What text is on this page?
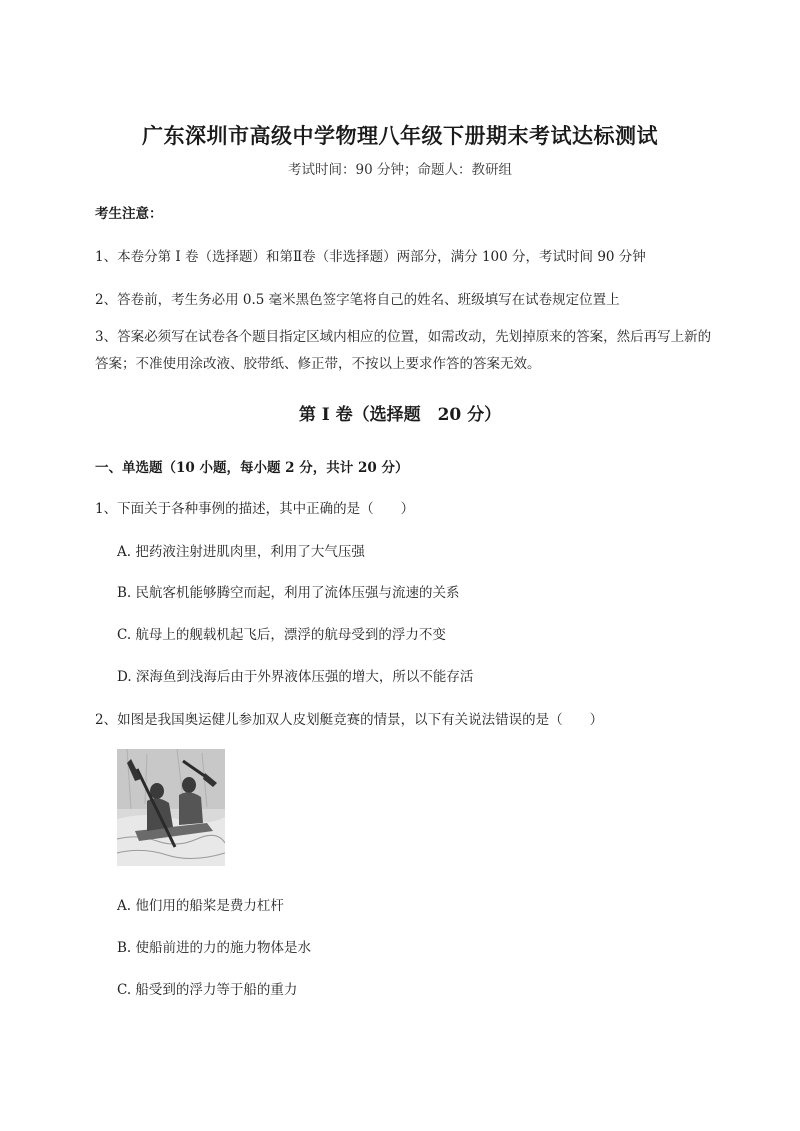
广东深圳市高级中学物理八年级下册期末考试达标测试
考试时间：90 分钟；命题人：教研组
考生注意：
1、本卷分第 I 卷（选择题）和第Ⅱ卷（非选择题）两部分，满分 100 分，考试时间 90 分钟
2、答卷前，考生务必用 0.5 毫米黑色签字笔将自己的姓名、班级填写在试卷规定位置上
3、答案必须写在试卷各个题目指定区域内相应的位置，如需改动，先划掉原来的答案，然后再写上新的答案；不准使用涂改液、胶带纸、修正带，不按以上要求作答的答案无效。
第 I 卷（选择题　20 分）
一、单选题（10 小题，每小题 2 分，共计 20 分）
1、下面关于各种事例的描述，其中正确的是（　　）
A. 把药液注射进肌肉里，利用了大气压强
B. 民航客机能够腾空而起，利用了流体压强与流速的关系
C. 航母上的舰载机起飞后，漂浮的航母受到的浮力不变
D. 深海鱼到浅海后由于外界液体压强的增大，所以不能存活
2、如图是我国奥运健儿参加双人皮划艇竞赛的情景，以下有关说法错误的是（　　）
A. 他们用的船桨是费力杠杆
B. 使船前进的力的施力物体是水
C. 船受到的浮力等于船的重力
